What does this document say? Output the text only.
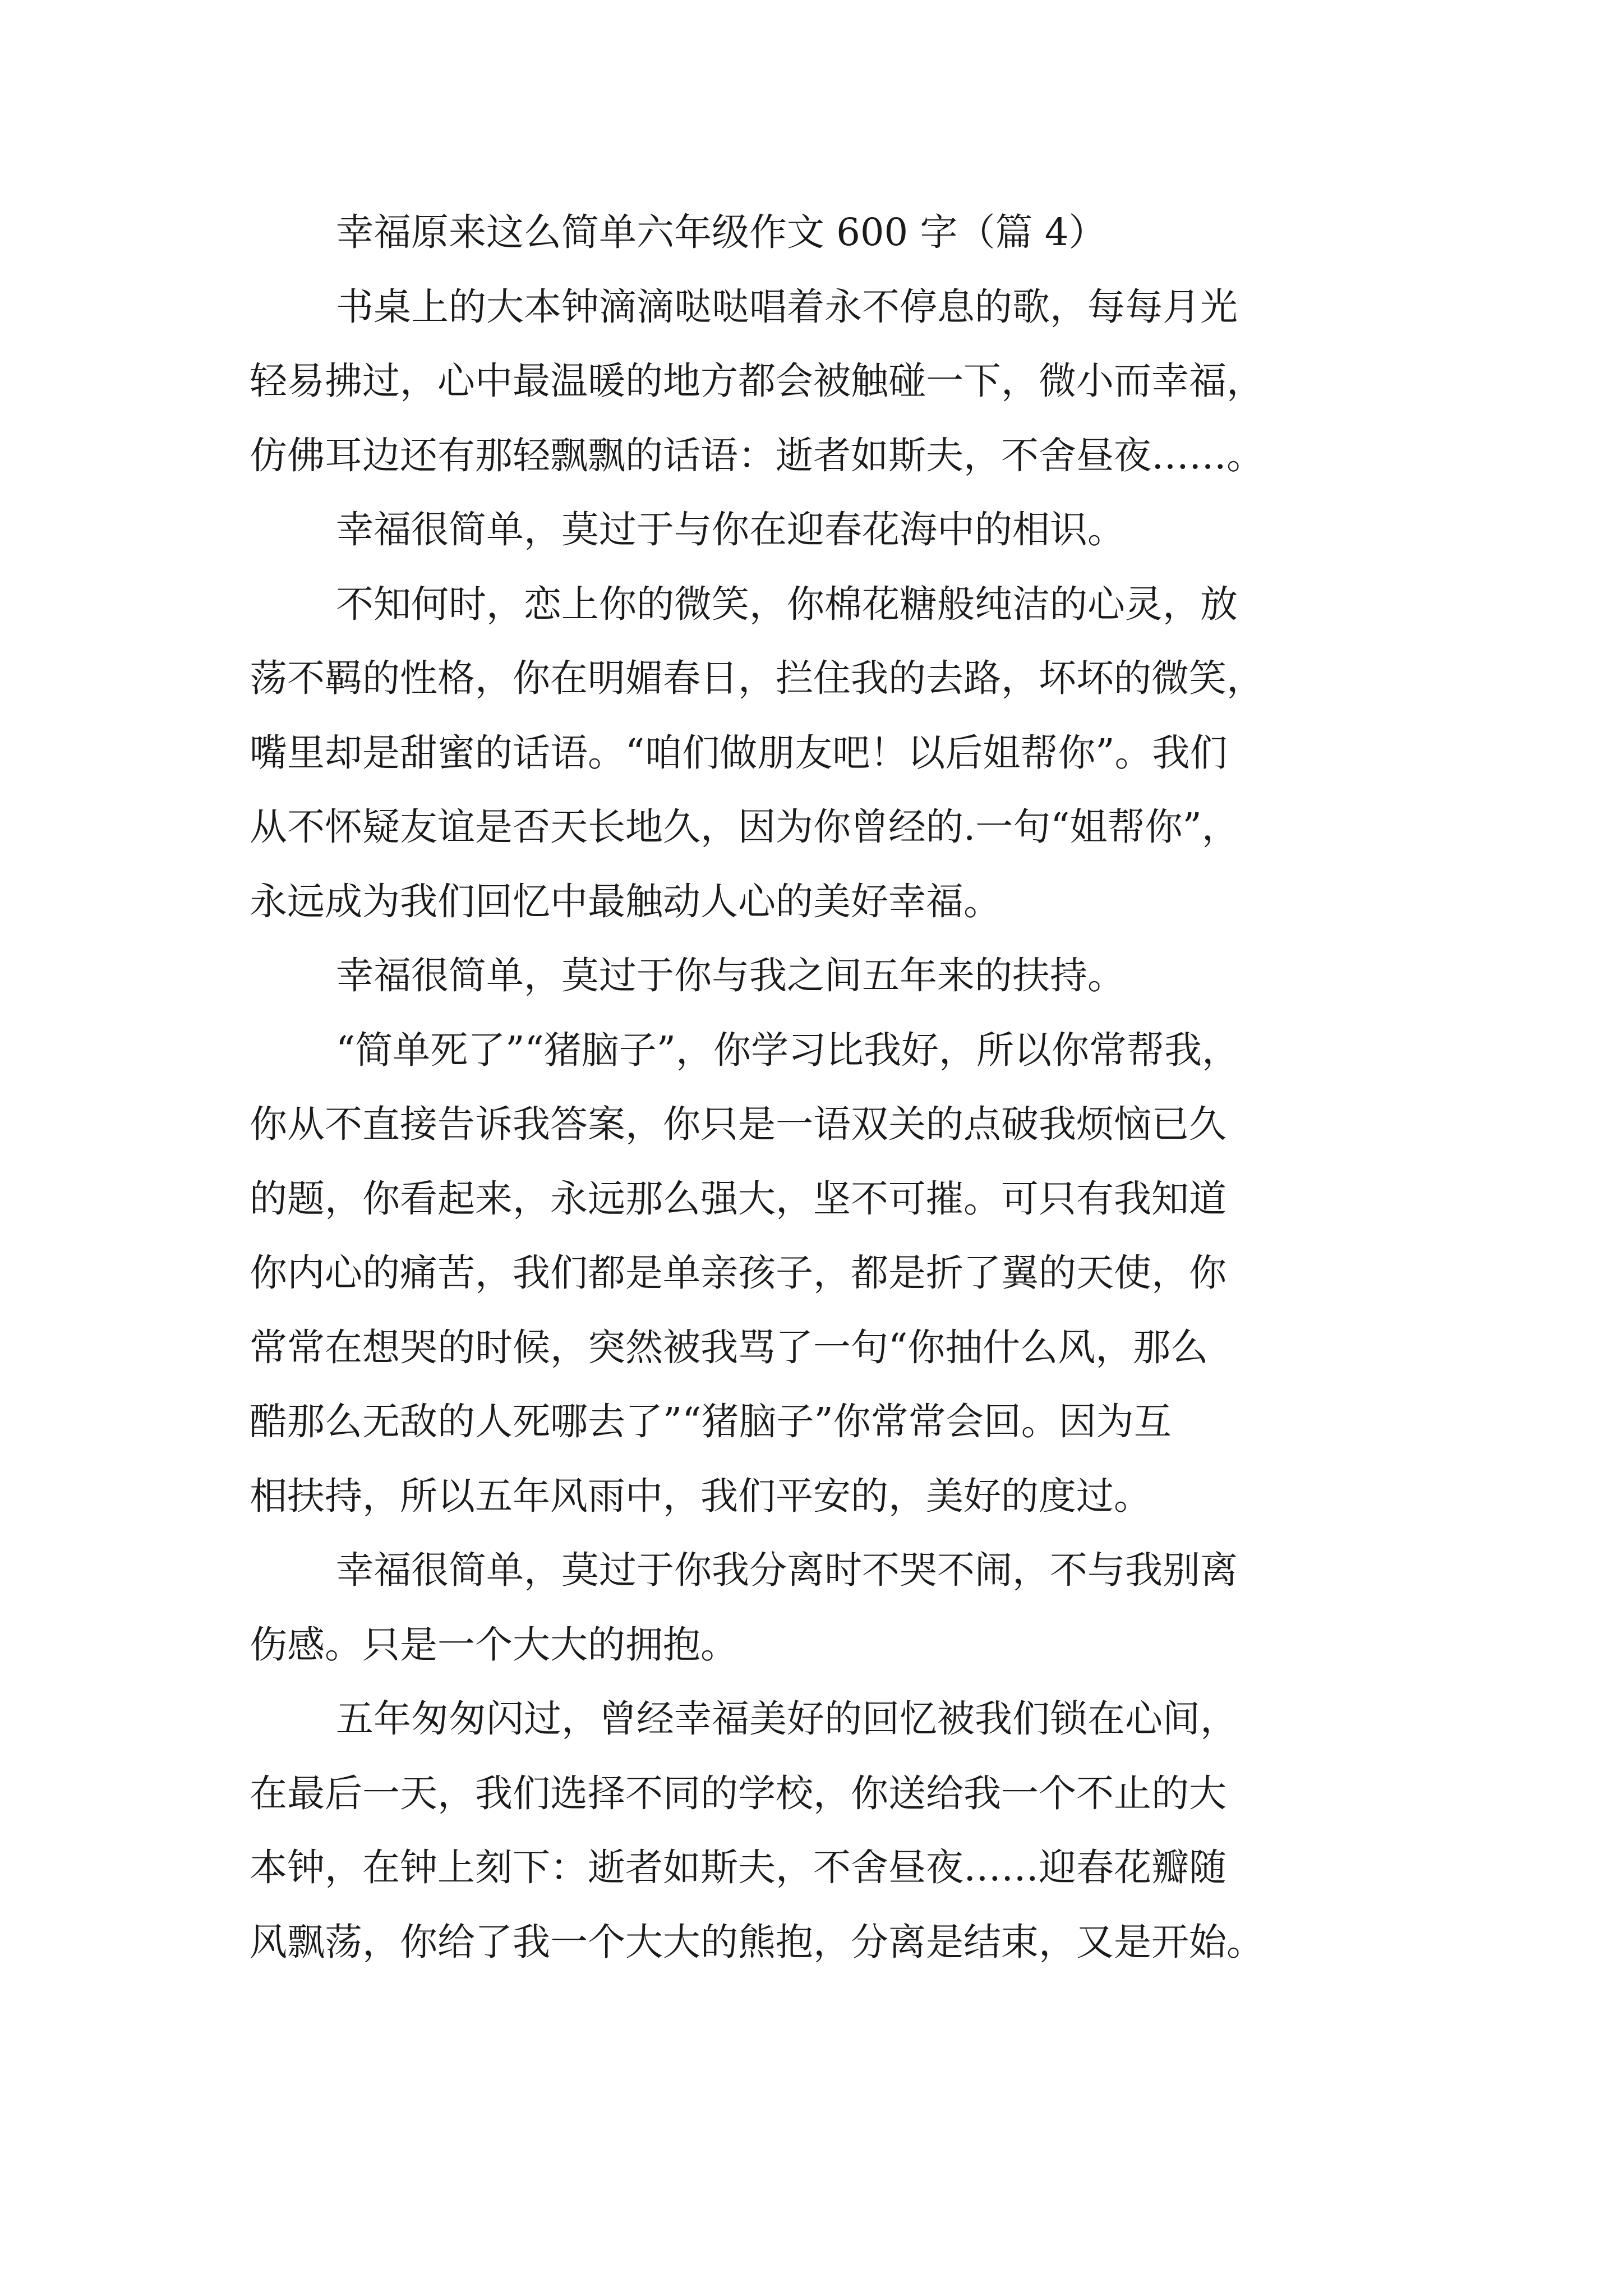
幸福原来这么简单六年级作文 600 字（篇 4）
书桌上的大本钟滴滴哒哒唱着永不停息的歌，每每月光
轻易拂过，心中最温暖的地方都会被触碰一下，微小而幸福，
仿佛耳边还有那轻飘飘的话语：逝者如斯夫，不舍昼夜……。
幸福很简单，莫过于与你在迎春花海中的相识。
不知何时，恋上你的微笑，你棉花糖般纯洁的心灵，放
荡不羁的性格，你在明媚春日，拦住我的去路，坏坏的微笑，
嘴里却是甜蜜的话语。“咱们做朋友吧！以后姐帮你”。我们
从不怀疑友谊是否天长地久，因为你曾经的.一句“姐帮你”，
永远成为我们回忆中最触动人心的美好幸福。
幸福很简单，莫过于你与我之间五年来的扶持。
“简单死了”“猪脑子”，你学习比我好，所以你常帮我，
你从不直接告诉我答案，你只是一语双关的点破我烦恼已久
的题，你看起来，永远那么强大，坚不可摧。可只有我知道
你内心的痛苦，我们都是单亲孩子，都是折了翼的天使，你
常常在想哭的时候，突然被我骂了一句“你抽什么风，那么
酷那么无敌的人死哪去了”“猪脑子”你常常会回。因为互
相扶持，所以五年风雨中，我们平安的，美好的度过。
幸福很简单，莫过于你我分离时不哭不闹，不与我别离
伤感。只是一个大大的拥抱。
五年匆匆闪过，曾经幸福美好的回忆被我们锁在心间，
在最后一天，我们选择不同的学校，你送给我一个不止的大
本钟，在钟上刻下：逝者如斯夫，不舍昼夜……迎春花瓣随
风飘荡，你给了我一个大大的熊抱，分离是结束，又是开始。
